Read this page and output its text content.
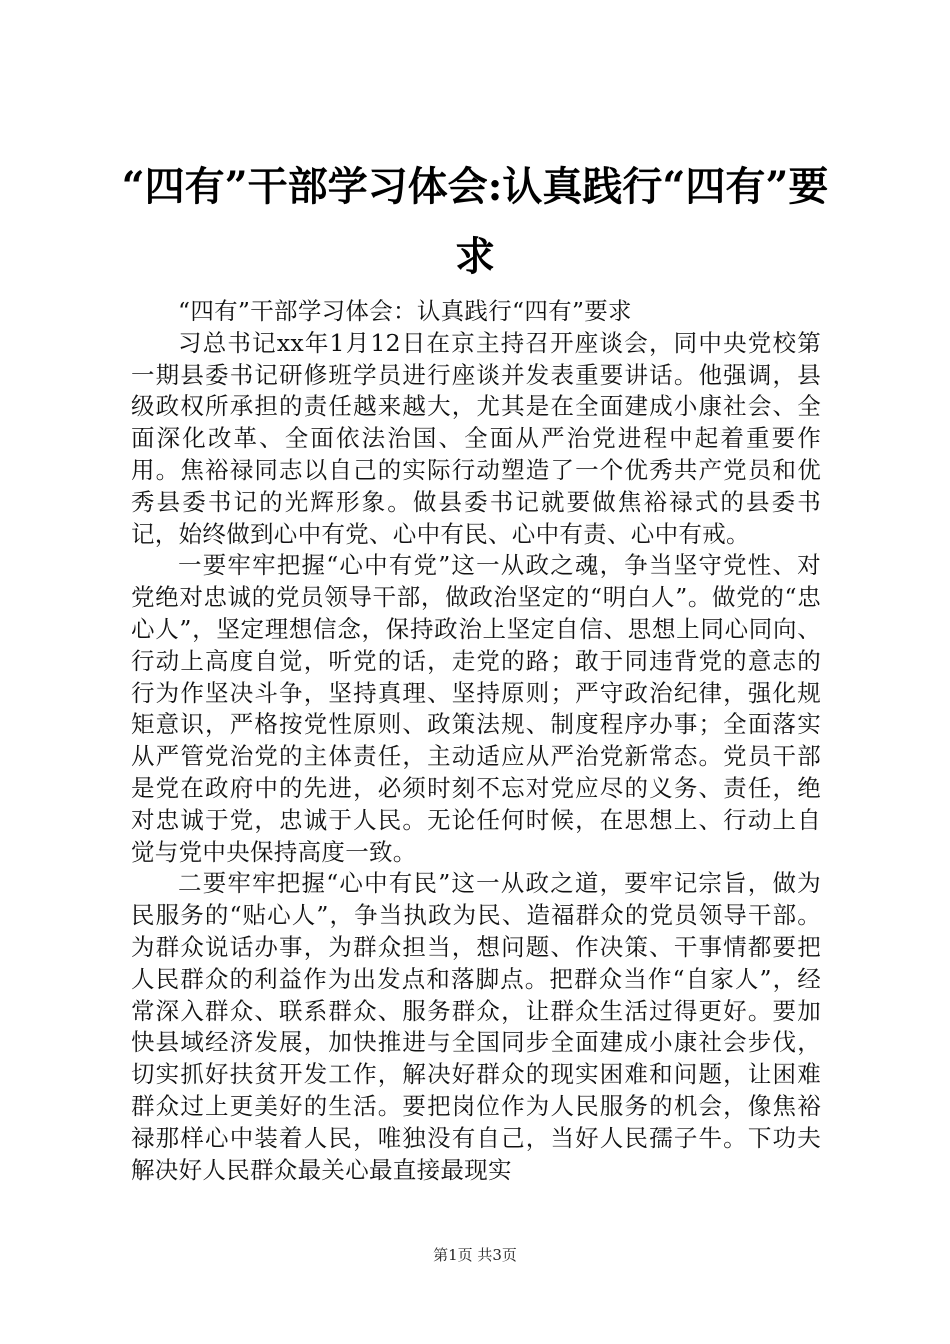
“四有”干部学习体会:认真践行“四有”要求

“四有”干部学习体会：认真践行“四有”要求

习总书记xx年1月12日在京主持召开座谈会，同中央党校第一期县委书记研修班学员进行座谈并发表重要讲话。他强调，县级政权所承担的责任越来越大，尤其是在全面建成小康社会、全面深化改革、全面依法治国、全面从严治党进程中起着重要作用。焦裕禄同志以自己的实际行动塑造了一个优秀共产党员和优秀县委书记的光辉形象。做县委书记就要做焦裕禄式的县委书记，始终做到心中有党、心中有民、心中有责、心中有戒。

一要牢牢把握“心中有党”这一从政之魂，争当坚守党性、对党绝对忠诚的党员领导干部，做政治坚定的“明白人”。做党的“忠心人”，坚定理想信念，保持政治上坚定自信、思想上同心同向、行动上高度自觉，听党的话，走党的路；敢于同违背党的意志的行为作坚决斗争，坚持真理、坚持原则；严守政治纪律，强化规矩意识，严格按党性原则、政策法规、制度程序办事；全面落实从严管党治党的主体责任，主动适应从严治党新常态。党员干部是党在政府中的先进，必须时刻不忘对党应尽的义务、责任，绝对忠诚于党，忠诚于人民。无论任何时候，在思想上、行动上自觉与党中央保持高度一致。

二要牢牢把握“心中有民”这一从政之道，要牢记宗旨，做为民服务的“贴心人”，争当执政为民、造福群众的党员领导干部。为群众说话办事，为群众担当，想问题、作决策、干事情都要把人民群众的利益作为出发点和落脚点。把群众当作“自家人”，经常深入群众、联系群众、服务群众，让群众生活过得更好。要加快县域经济发展，加快推进与全国同步全面建成小康社会步伐，切实抓好扶贫开发工作，解决好群众的现实困难和问题，让困难群众过上更美好的生活。要把岗位作为人民服务的机会，像焦裕禄那样心中装着人民，唯独没有自己，当好人民孺子牛。下功夫解决好人民群众最关心最直接最现实

第1页 共3页
